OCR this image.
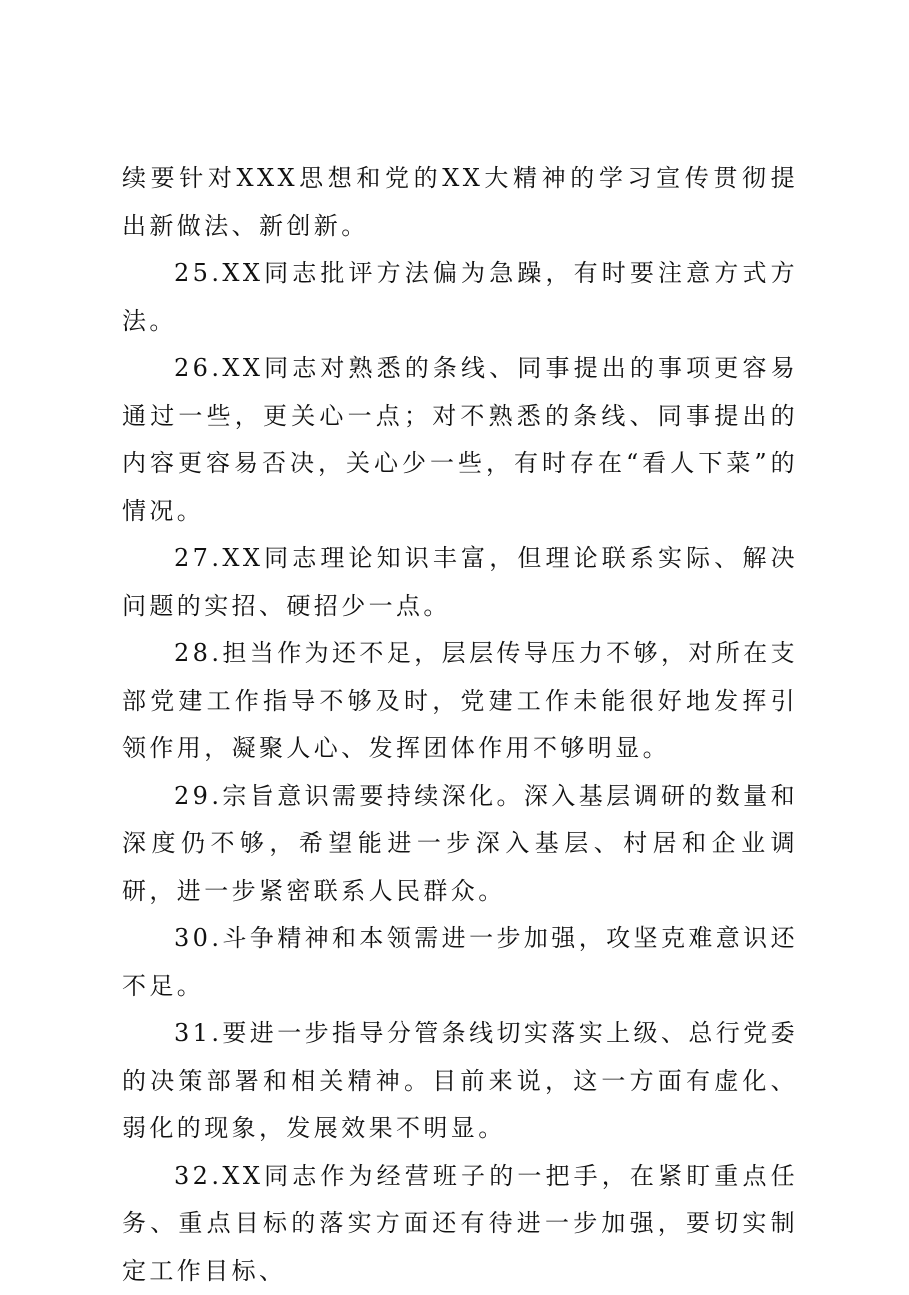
续要针对XXX思想和党的XX大精神的学习宣传贯彻提出新做法、新创新。

25.XX同志批评方法偏为急躁，有时要注意方式方法。

26.XX同志对熟悉的条线、同事提出的事项更容易通过一些，更关心一点；对不熟悉的条线、同事提出的内容更容易否决，关心少一些，有时存在“看人下菜”的情况。

27.XX同志理论知识丰富，但理论联系实际、解决问题的实招、硬招少一点。

28.担当作为还不足，层层传导压力不够，对所在支部党建工作指导不够及时，党建工作未能很好地发挥引领作用，凝聚人心、发挥团体作用不够明显。

29.宗旨意识需要持续深化。深入基层调研的数量和深度仍不够，希望能进一步深入基层、村居和企业调研，进一步紧密联系人民群众。

30.斗争精神和本领需进一步加强，攻坚克难意识还不足。

31.要进一步指导分管条线切实落实上级、总行党委的决策部署和相关精神。目前来说，这一方面有虚化、弱化的现象，发展效果不明显。

32.XX同志作为经营班子的一把手，在紧盯重点任务、重点目标的落实方面还有待进一步加强，要切实制定工作目标、
